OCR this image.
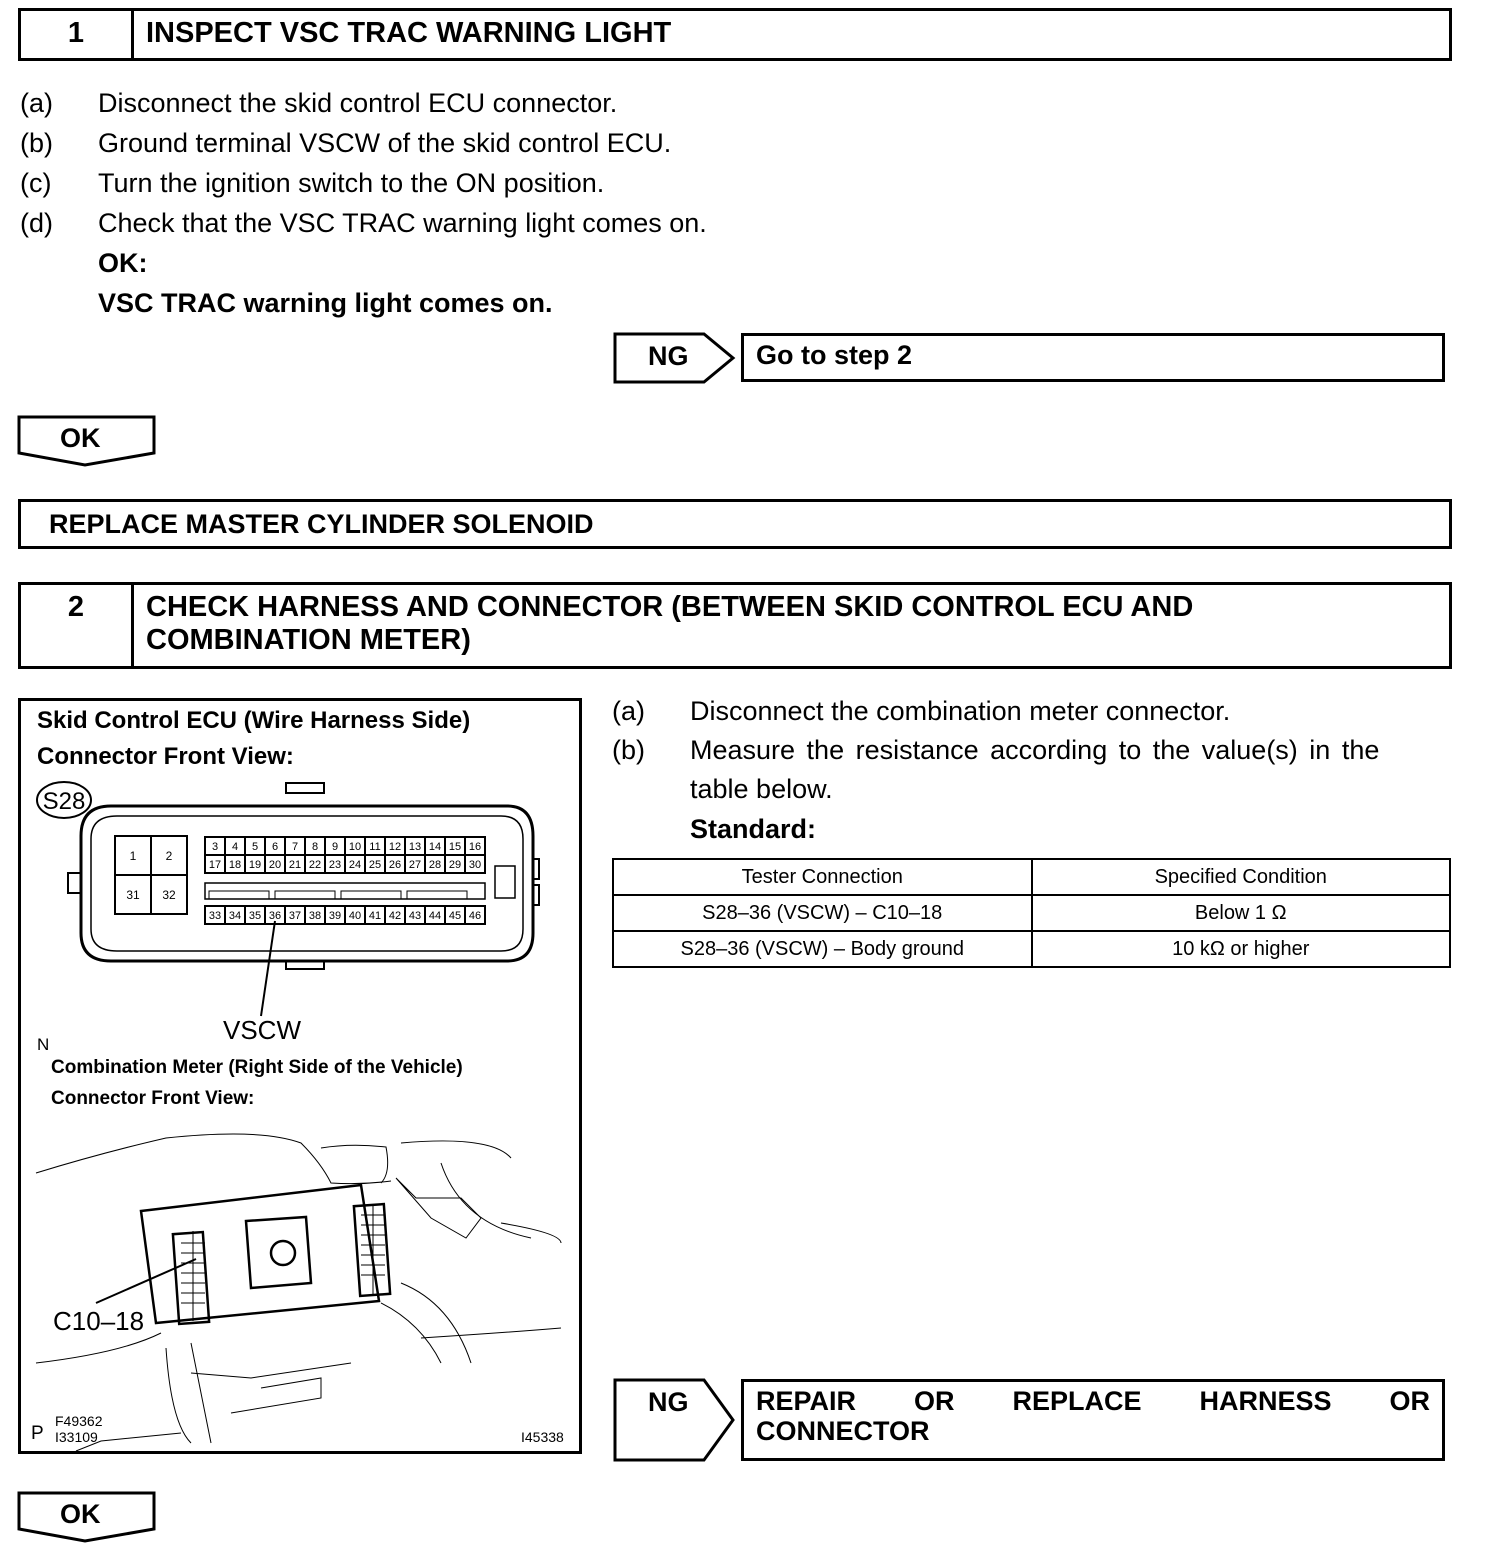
1	INSPECT VSC TRAC WARNING LIGHT
(a) Disconnect the skid control ECU connector.
(b) Ground terminal VSCW of the skid control ECU.
(c) Turn the ignition switch to the ON position.
(d) Check that the VSC TRAC warning light comes on.
OK:
VSC TRAC warning light comes on.
NG	Go to step 2
OK
REPLACE MASTER CYLINDER SOLENOID
2	CHECK HARNESS AND CONNECTOR (BETWEEN SKID CONTROL ECU AND
COMBINATION METER)
Skid Control ECU (Wire Harness Side)
Connector Front View:
S28
1 2
31 32
3 4 5 6 7 8 9 10 11 12 13 14 15 16
17 18 19 20 21 22 23 24 25 26 27 28 29 30
33 34 35 36 37 38 39 40 41 42 43 44 45 46
VSCW
N
Combination Meter (Right Side of the Vehicle)
Connector Front View:
C10–18
P
F49362
I33109	I45338
(a) Disconnect the combination meter connector.
(b) Measure the resistance according to the value(s) in the
table below.
Standard:
Tester Connection	Specified Condition
S28–36 (VSCW) – C10–18	Below 1 Ω
S28–36 (VSCW) – Body ground	10 kΩ or higher
NG	REPAIR OR REPLACE HARNESS OR
CONNECTOR
OK
